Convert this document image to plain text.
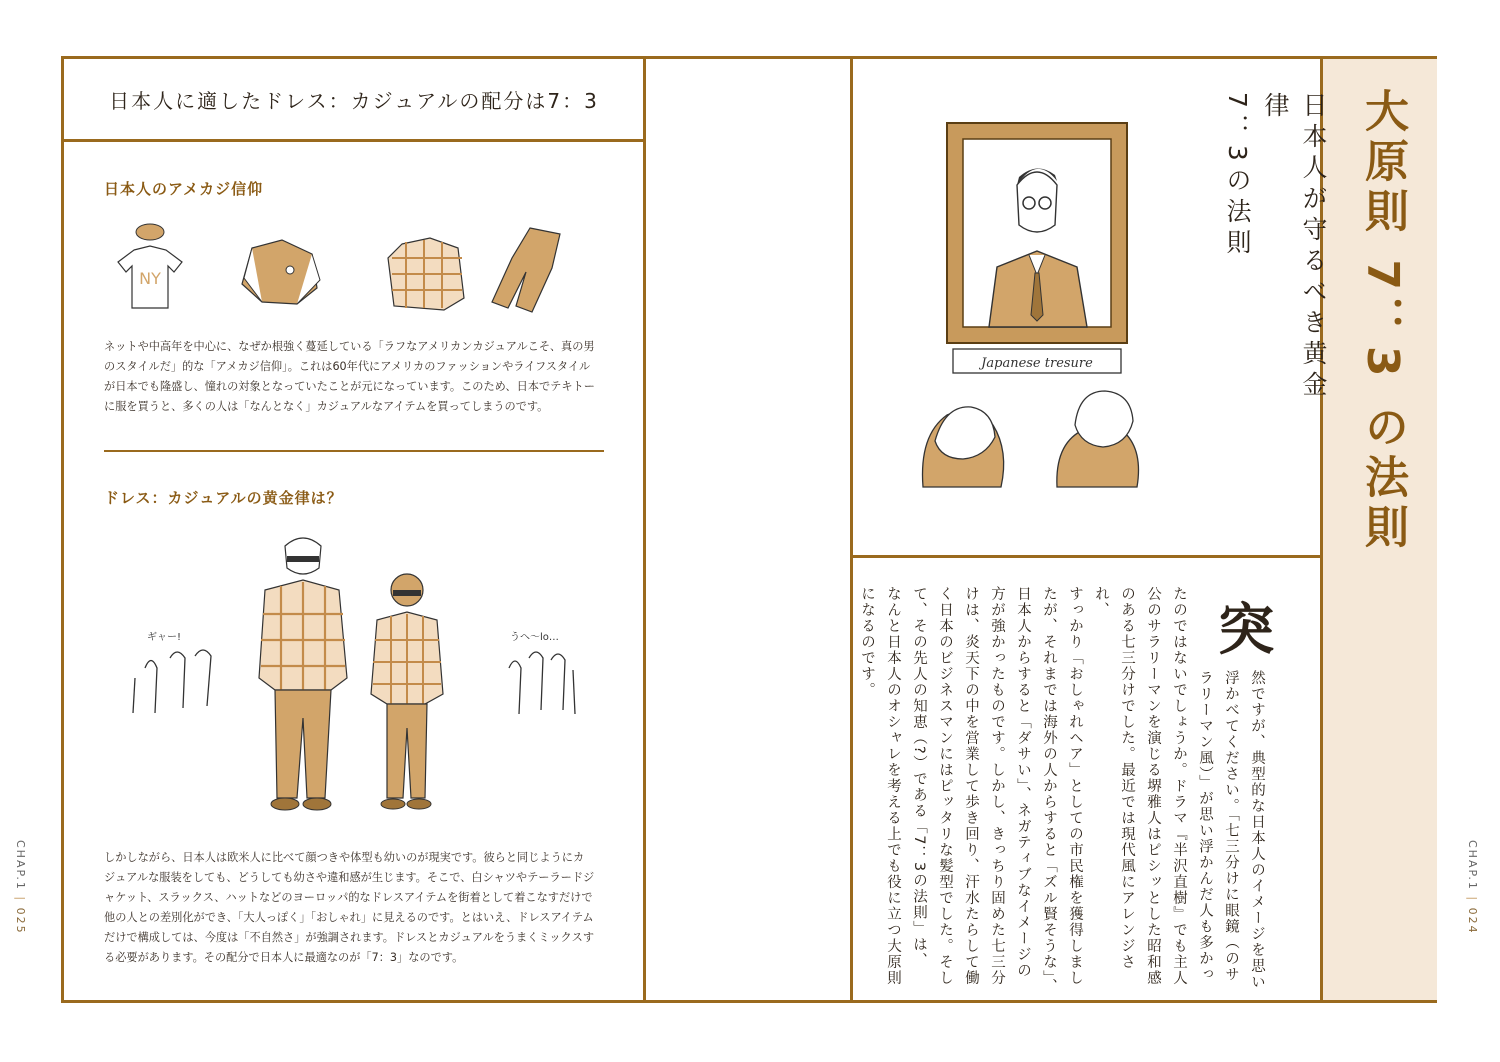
日本人に適したドレス：カジュアルの配分は7：3
日本人のアメカジ信仰
NY
ネットや中高年を中心に、なぜか根強く蔓延している「ラフなアメリカンカジュアルこそ、真の男
のスタイルだ」的な「アメカジ信仰」。これは60年代にアメリカのファッションやライフスタイル
が日本でも隆盛し、憧れの対象となっていたことが元になっています。このため、日本でテキトー
に服を買うと、多くの人は「なんとなく」カジュアルなアイテムを買ってしまうのです。
ドレス：カジュアルの黄金律は？
ギャー!	うへ～lo…
しかしながら、日本人は欧米人に比べて顔つきや体型も幼いのが現実です。彼らと同じようにカ
ジュアルな服装をしても、どうしても幼さや違和感が生じます。そこで、白シャツやテーラードジ
ャケット、スラックス、ハットなどのヨーロッパ的なドレスアイテムを街着として着こなすだけで
他の人との差別化ができ、「大人っぽく」「おしゃれ」に見えるのです。とはいえ、ドレスアイテム
だけで構成しては、今度は「不自然さ」が強調されます。ドレスとカジュアルをうまくミックスす
る必要があります。その配分で日本人に最適なのが「7：3」なのです。
Japanese tresure	日本人が守るべき黄金律
7：3の法則	大原則 7：3 の法則
突
然ですが、典型的な日本人のイメージを思い
浮かべてください。「七三分けに眼鏡（のサ
ラリーマン風）」が思い浮かんだ人も多かっ
たのではないでしょうか。ドラマ『半沢直樹』でも主人
公のサラリーマンを演じる堺雅人はピシッとした昭和感
のある七三分けでした。最近では現代風にアレンジされ、
すっかり「おしゃれヘア」としての市民権を獲得しまし
たが、それまでは海外の人からすると「ズル賢そうな」、
日本人からすると「ダサい」、ネガティブなイメージの
方が強かったものです。しかし、きっちり固めた七三分
けは、炎天下の中を営業して歩き回り、汗水たらして働
く日本のビジネスマンにはピッタリな髪型でした。そし
て、その先人の知恵（?）である「7：3の法則」は、
なんと日本人のオシャレを考える上でも役に立つ大原則
になるのです。
CHAP.1 | 025
CHAP.1 | 024
